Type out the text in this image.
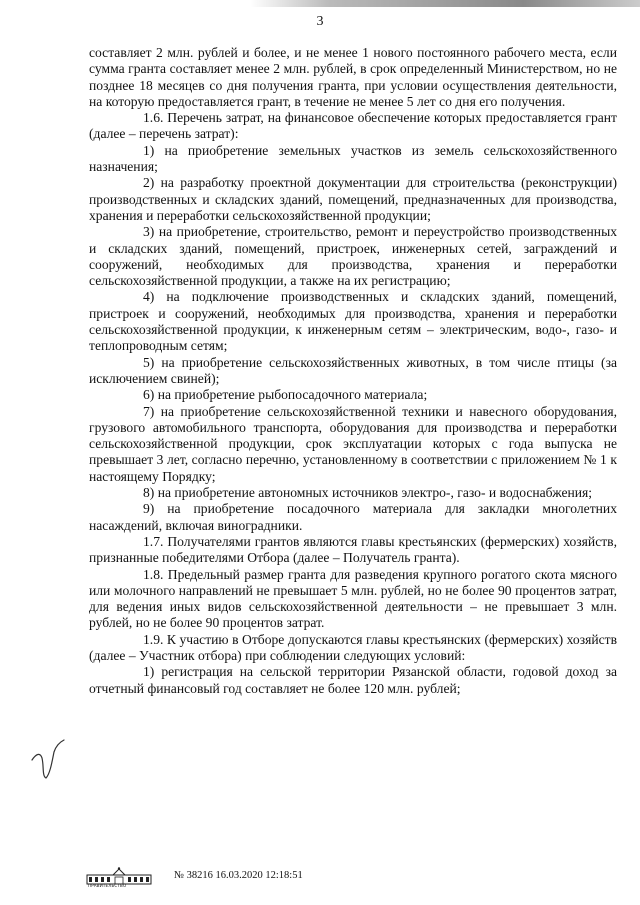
3

составляет 2 млн. рублей и более, и не менее 1 нового постоянного рабочего места, если сумма гранта составляет менее 2 млн. рублей, в срок определенный Министерством, но не позднее 18 месяцев со дня получения гранта, при условии осуществления деятельности, на которую предоставляется грант, в течение не менее 5 лет со дня его получения.

1.6. Перечень затрат, на финансовое обеспечение которых предоставляется грант (далее – перечень затрат):

1) на приобретение земельных участков из земель сельскохозяйственного назначения;

2) на разработку проектной документации для строительства (реконструкции) производственных и складских зданий, помещений, предназначенных для производства, хранения и переработки сельскохозяйственной продукции;

3) на приобретение, строительство, ремонт и переустройство производственных и складских зданий, помещений, пристроек, инженерных сетей, заграждений и сооружений, необходимых для производства, хранения и переработки сельскохозяйственной продукции, а также на их регистрацию;

4) на подключение производственных и складских зданий, помещений, пристроек и сооружений, необходимых для производства, хранения и переработки сельскохозяйственной продукции, к инженерным сетям – электрическим, водо-, газо- и теплопроводным сетям;

5) на приобретение сельскохозяйственных животных, в том числе птицы (за исключением свиней);

6) на приобретение рыбопосадочного материала;

7) на приобретение сельскохозяйственной техники и навесного оборудования, грузового автомобильного транспорта, оборудования для производства и переработки сельскохозяйственной продукции, срок эксплуатации которых с года выпуска не превышает 3 лет, согласно перечню, установленному в соответствии с приложением № 1 к настоящему Порядку;

8) на приобретение автономных источников электро-, газо- и водоснабжения;

9) на приобретение посадочного материала для закладки многолетних насаждений, включая виноградники.

1.7. Получателями грантов являются главы крестьянских (фермерских) хозяйств, признанные победителями Отбора (далее – Получатель гранта).

1.8. Предельный размер гранта для разведения крупного рогатого скота мясного или молочного направлений не превышает 5 млн. рублей, но не более 90 процентов затрат, для ведения иных видов сельскохозяйственной деятельности – не превышает 3 млн. рублей, но не более 90 процентов затрат.

1.9. К участию в Отборе допускаются главы крестьянских (фермерских) хозяйств (далее – Участник отбора) при соблюдении следующих условий:

1) регистрация на сельской территории Рязанской области, годовой доход за отчетный финансовый год составляет не более 120 млн. рублей;

ПРАВИТЕЛЬСТВО
№ 38216 16.03.2020 12:18:51
